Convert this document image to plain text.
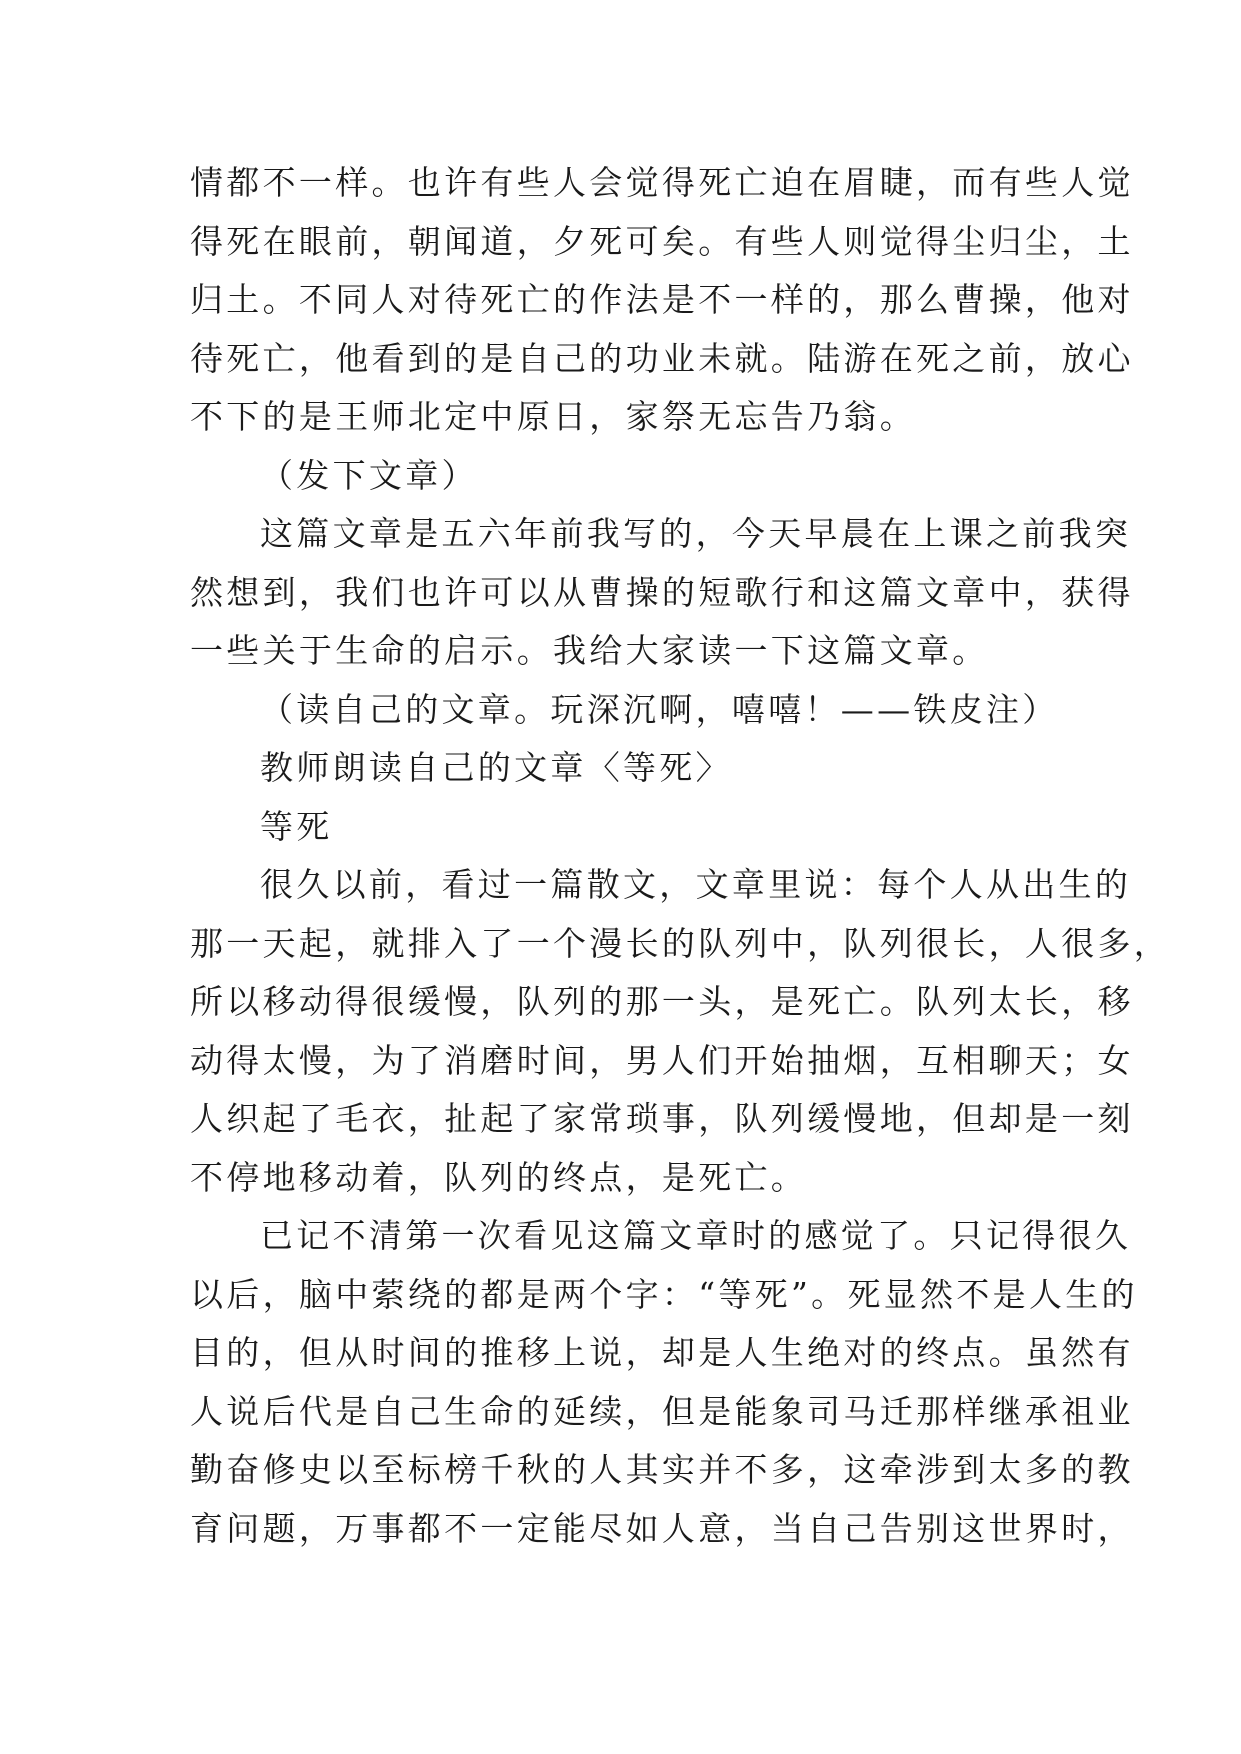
情都不一样。也许有些人会觉得死亡迫在眉睫，而有些人觉
得死在眼前，朝闻道，夕死可矣。有些人则觉得尘归尘，土
归土。不同人对待死亡的作法是不一样的，那么曹操，他对
待死亡，他看到的是自己的功业未就。陆游在死之前，放心
不下的是王师北定中原日，家祭无忘告乃翁。
（发下文章）
这篇文章是五六年前我写的，今天早晨在上课之前我突
然想到，我们也许可以从曹操的短歌行和这篇文章中，获得
一些关于生命的启示。我给大家读一下这篇文章。
（读自己的文章。玩深沉啊，嘻嘻！——铁皮注）
教师朗读自己的文章〈等死〉
等死
很久以前，看过一篇散文，文章里说：每个人从出生的
那一天起，就排入了一个漫长的队列中，队列很长，人很多，
所以移动得很缓慢，队列的那一头，是死亡。队列太长，移
动得太慢，为了消磨时间，男人们开始抽烟，互相聊天；女
人织起了毛衣，扯起了家常琐事，队列缓慢地，但却是一刻
不停地移动着，队列的终点，是死亡。
已记不清第一次看见这篇文章时的感觉了。只记得很久
以后，脑中萦绕的都是两个字：“等死”。死显然不是人生的
目的，但从时间的推移上说，却是人生绝对的终点。虽然有
人说后代是自己生命的延续，但是能象司马迁那样继承祖业
勤奋修史以至标榜千秋的人其实并不多，这牵涉到太多的教
育问题，万事都不一定能尽如人意，当自己告别这世界时，
